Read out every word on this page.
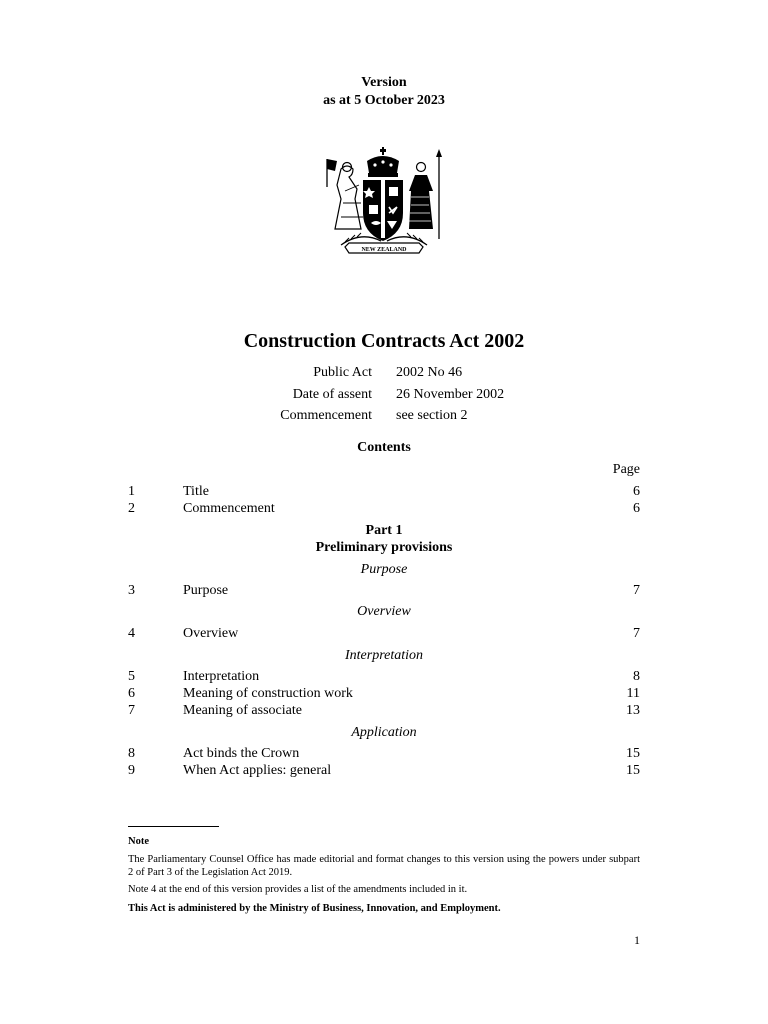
Version
as at 5 October 2023
NEW ZEALAND
Construction Contracts Act 2002
Public Act 2002 No 46
Date of assent 26 November 2002
Commencement see section 2
Contents
Page
1	Title	6
2	Commencement	6
Part 1
Preliminary provisions
Purpose
3	Purpose	7
Overview
4	Overview	7
Interpretation
5	Interpretation	8
6	Meaning of construction work	11
7	Meaning of associate	13
Application
8	Act binds the Crown	15
9	When Act applies: general	15
Note
The Parliamentary Counsel Office has made editorial and format changes to this version using the powers under subpart 2 of Part 3 of the Legislation Act 2019.
Note 4 at the end of this version provides a list of the amendments included in it.
This Act is administered by the Ministry of Business, Innovation, and Employment.
1
